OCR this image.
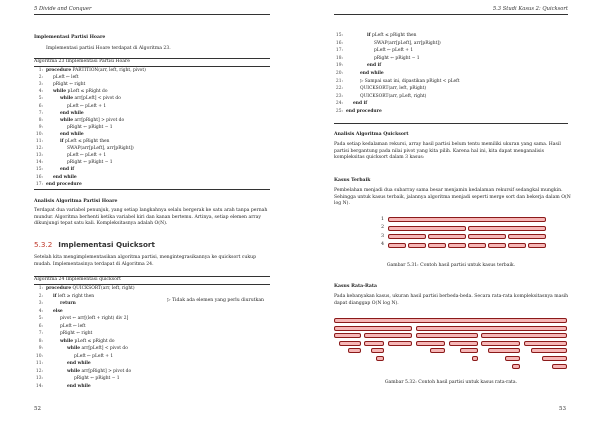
5 Divide and Conquer
Implementasi Partisi Hoare
Implementasi partisi Hoare terdapat di Algoritma 23.
Algoritma 23 Implementasi Partisi Hoare
1: procedure PARTITION(arr, left, right, pivot)
2: pLeft ← left
3: pRight ← right
4: while pLeft ≤ pRight do
5:	while arr[pLeft] < pivot do
6:	pLeft ← pLeft + 1
7:	end while
8:	while arr[pRight] > pivot do
9:	pRight ← pRight − 1
10:	end while
11:	if pLeft ≤ pRight then
12:	SWAP(arr[pLeft], arr[pRight])
13:	pLeft ← pLeft + 1
14:	pRight ← pRight − 1
15:	end if
16: end while
17: end procedure
Analisis Algoritma Partisi Hoare
Terdapat dua variabel penunjuk, yang setiap langkahnya selalu bergerak ke satu arah tanpa pernah mundur. Algoritma berhenti ketika variabel kiri dan kanan bertemu. Artinya, setiap elemen array dikunjungi tepat satu kali. Kompleksitasnya adalah O(N).
5.3.2 Implementasi Quicksort
Setelah kita mengimplementasikan algoritma partisi, mengintegrasikannya ke quicksort cukup mudah. Implementasinya terdapat di Algoritma 24.
Algoritma 24 Implementasi quicksort
1: procedure QUICKSORT(arr, left, right)
2: if left ≥ right then
3:	return
4: else
5:	pivot ← arr[(left + right) div 2]
6:	pLeft ← left
7:	pRight ← right
8:	while pLeft ≤ pRight do
9:	while arr[pLeft] < pivot do
10:	pLeft ← pLeft + 1
11:	end while
12:	while arr[pRight] > pivot do
13:	pRight ← pRight − 1
14:	end while
▷ Tidak ada elemen yang perlu diurutkan
52
5.3 Studi Kasus 2: Quicksort
15:	if pLeft ≤ pRight then
16:	SWAP(arr[pLeft], arr[pRight])
17:	pLeft ← pLeft + 1
18:	pRight ← pRight − 1
19:	end if
20:	end while
21:	▷ Sampai saat ini, dipastikan pRight < pLeft
22:	QUICKSORT(arr, left, pRight)
23:	QUICKSORT(arr, pLeft, right)
24: end if
25: end procedure
Analisis Algoritma Quicksort
Pada setiap kedalaman rekursi, array hasil partisi belum tentu memiliki ukuran yang sama. Hasil partisi bergantung pada nilai pivot yang kita pilih. Karena hal ini, kita dapat menganalisis kompleksitas quicksort dalam 3 kasus:
Kasus Terbaik
Pembelahan menjadi dua subarray sama besar menjamin kedalaman rekursif sedangkal mungkin. Sehingga untuk kasus terbaik, jalannya algoritma menjadi seperti merge sort dan bekerja dalam O(N log N).
1
2
3
4
Gambar 5.31: Contoh hasil partisi untuk kasus terbaik.
Kasus Rata-Rata
Pada kebanyakan kasus, ukuran hasil partisi berbeda-beda. Secara rata-rata kompleksitasnya masih dapat dianggap O(N log N).
Gambar 5.32: Contoh hasil partisi untuk kasus rata-rata.
53
